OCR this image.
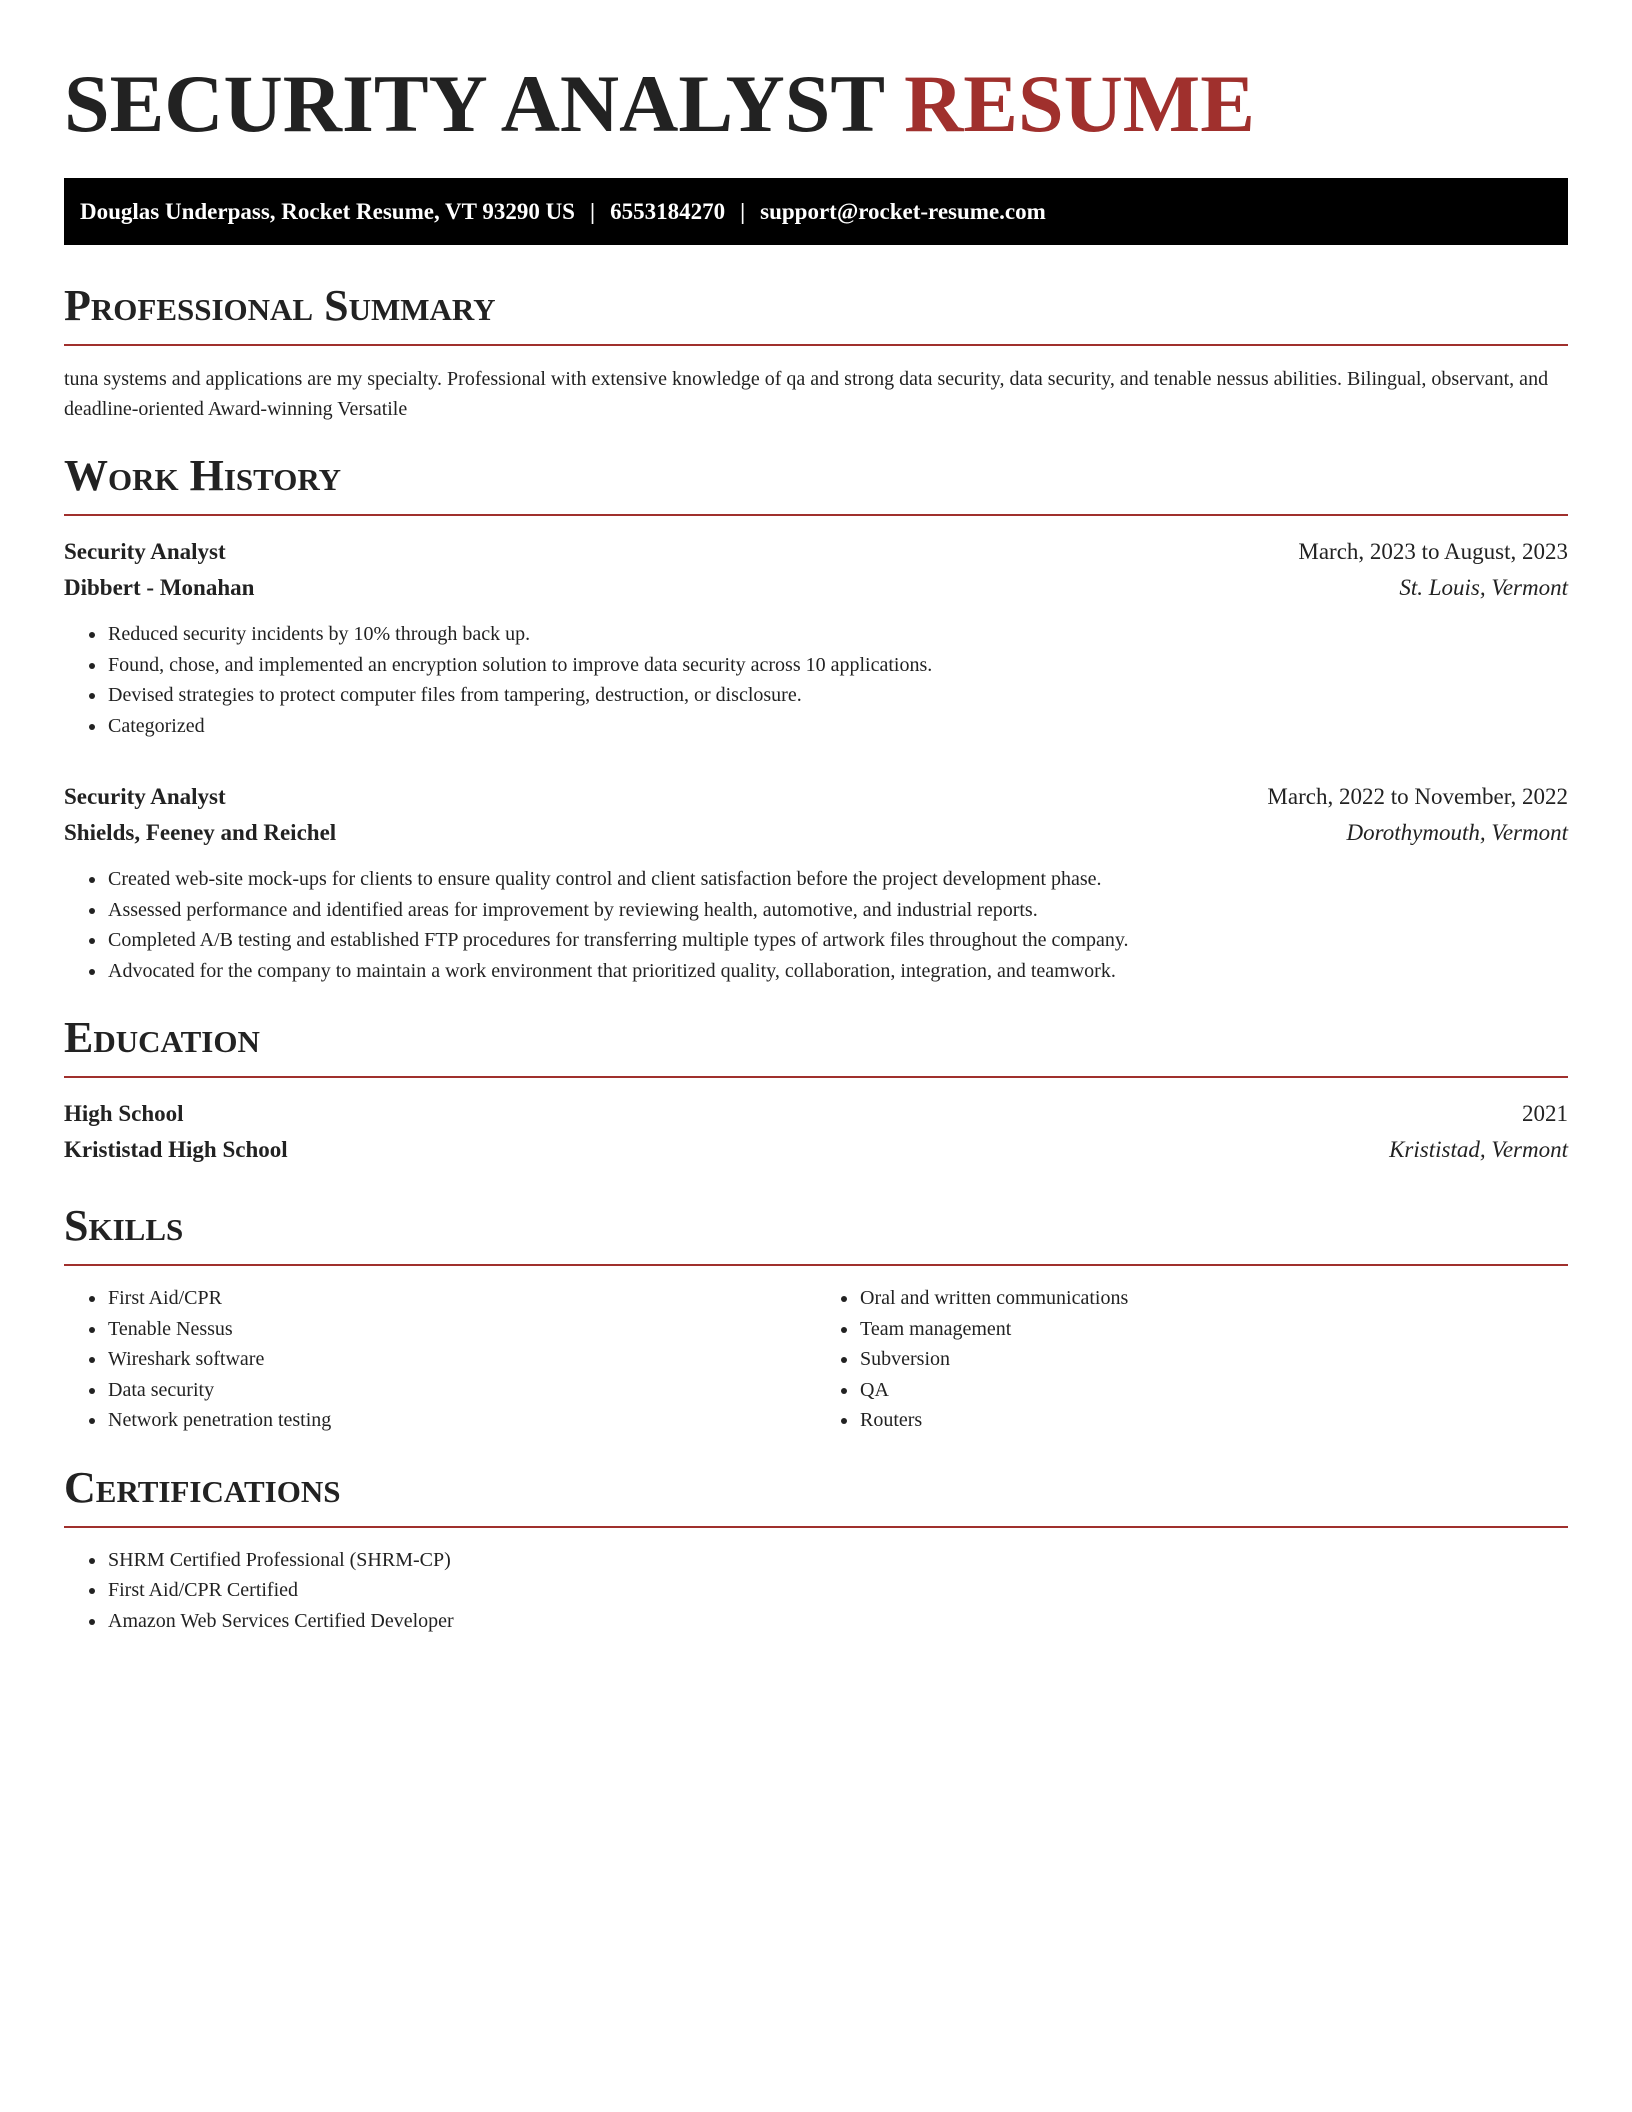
SECURITY ANALYST RESUME
Douglas Underpass, Rocket Resume, VT 93290 US | 6553184270 | support@rocket-resume.com
Professional Summary

tuna systems and applications are my specialty. Professional with extensive knowledge of qa and strong data security, data security, and tenable nessus abilities. Bilingual, observant, and deadline-oriented Award-winning Versatile

Work History
Security Analyst	March, 2023 to August, 2023
Dibbert - Monahan	St. Louis, Vermont
• Reduced security incidents by 10% through back up.
• Found, chose, and implemented an encryption solution to improve data security across 10 applications.
• Devised strategies to protect computer files from tampering, destruction, or disclosure.
• Categorized
Security Analyst	March, 2022 to November, 2022
Shields, Feeney and Reichel	Dorothymouth, Vermont
• Created web-site mock-ups for clients to ensure quality control and client satisfaction before the project development phase.
• Assessed performance and identified areas for improvement by reviewing health, automotive, and industrial reports.
• Completed A/B testing and established FTP procedures for transferring multiple types of artwork files throughout the company.
• Advocated for the company to maintain a work environment that prioritized quality, collaboration, integration, and teamwork.
Education
High School	2021
Krististad High School	Krististad, Vermont
Skills
• First Aid/CPR
• Tenable Nessus
• Wireshark software
• Data security
• Network penetration testing
• Oral and written communications
• Team management
• Subversion
• QA
• Routers
Certifications
• SHRM Certified Professional (SHRM-CP)
• First Aid/CPR Certified
• Amazon Web Services Certified Developer
